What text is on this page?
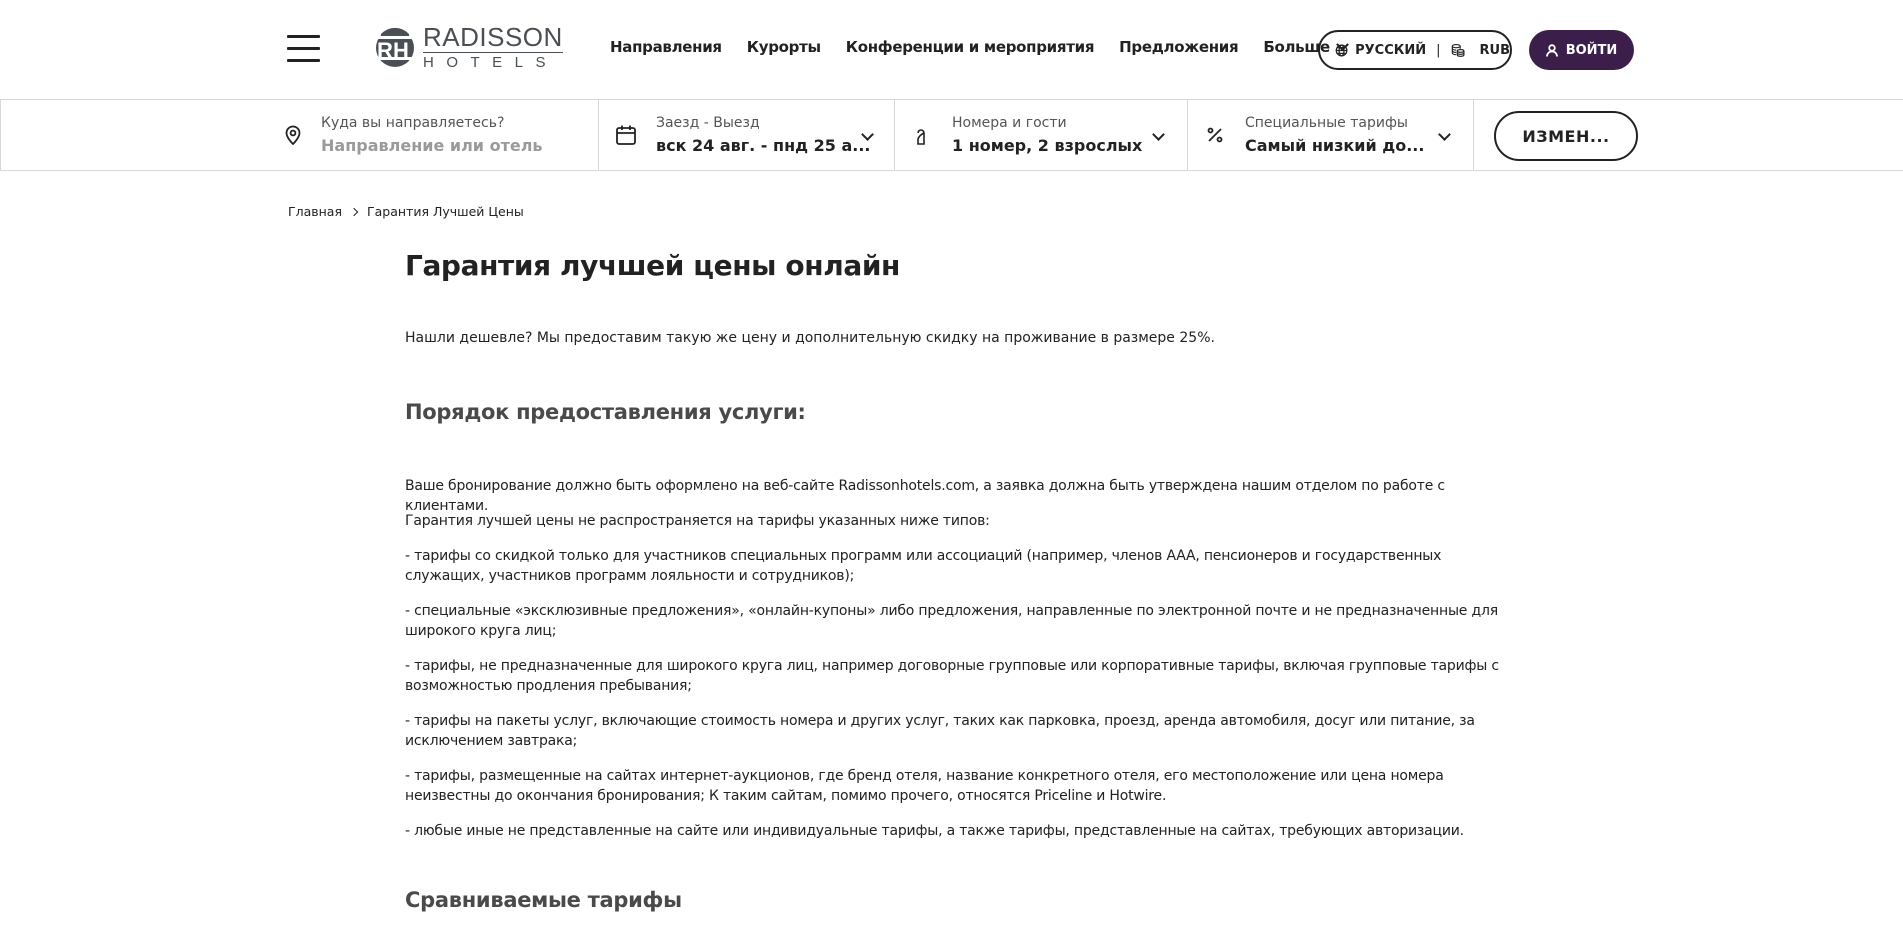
R H RADISSON
HOTELS
Направления Курорты Конференции и мероприятия Предложения Больше РУССКИЙ |	RUB	ВОЙТИ
Куда вы направляетесь?
Направление или отель
Заезд - Выезд
вск 24 авг. - пнд 25 а...
Номера и гости
1 номер, 2 взрослых
Специальные тарифы
Самый низкий до...	ИЗМЕН...
Главная Гарантия Лучшей Цены
Гарантия лучшей цены онлайн

Нашли дешевле? Мы предоставим такую же цену и дополнительную скидку на проживание в размере 25%.

Порядок предоставления услуги:

Ваше бронирование должно быть оформлено на веб-сайте Radissonhotels.com, а заявка должна быть утверждена нашим отделом по работе с клиентами.

Гарантия лучшей цены не распространяется на тарифы указанных ниже типов:

- тарифы со скидкой только для участников специальных программ или ассоциаций (например, членов AAA, пенсионеров и государственных служащих, участников программ лояльности и сотрудников);

- специальные «эксклюзивные предложения», «онлайн-купоны» либо предложения, направленные по электронной почте и не предназначенные для широкого круга лиц;

- тарифы, не предназначенные для широкого круга лиц, например договорные групповые или корпоративные тарифы, включая групповые тарифы с возможностью продления пребывания;

- тарифы на пакеты услуг, включающие стоимость номера и других услуг, таких как парковка, проезд, аренда автомобиля, досуг или питание, за исключением завтрака;

- тарифы, размещенные на сайтах интернет-аукционов, где бренд отеля, название конкретного отеля, его местоположение или цена номера неизвестны до окончания бронирования; К таким сайтам, помимо прочего, относятся Priceline и Hotwire.

- любые иные не представленные на сайте или индивидуальные тарифы, а также тарифы, представленные на сайтах, требующих авторизации.

Сравниваемые тарифы
